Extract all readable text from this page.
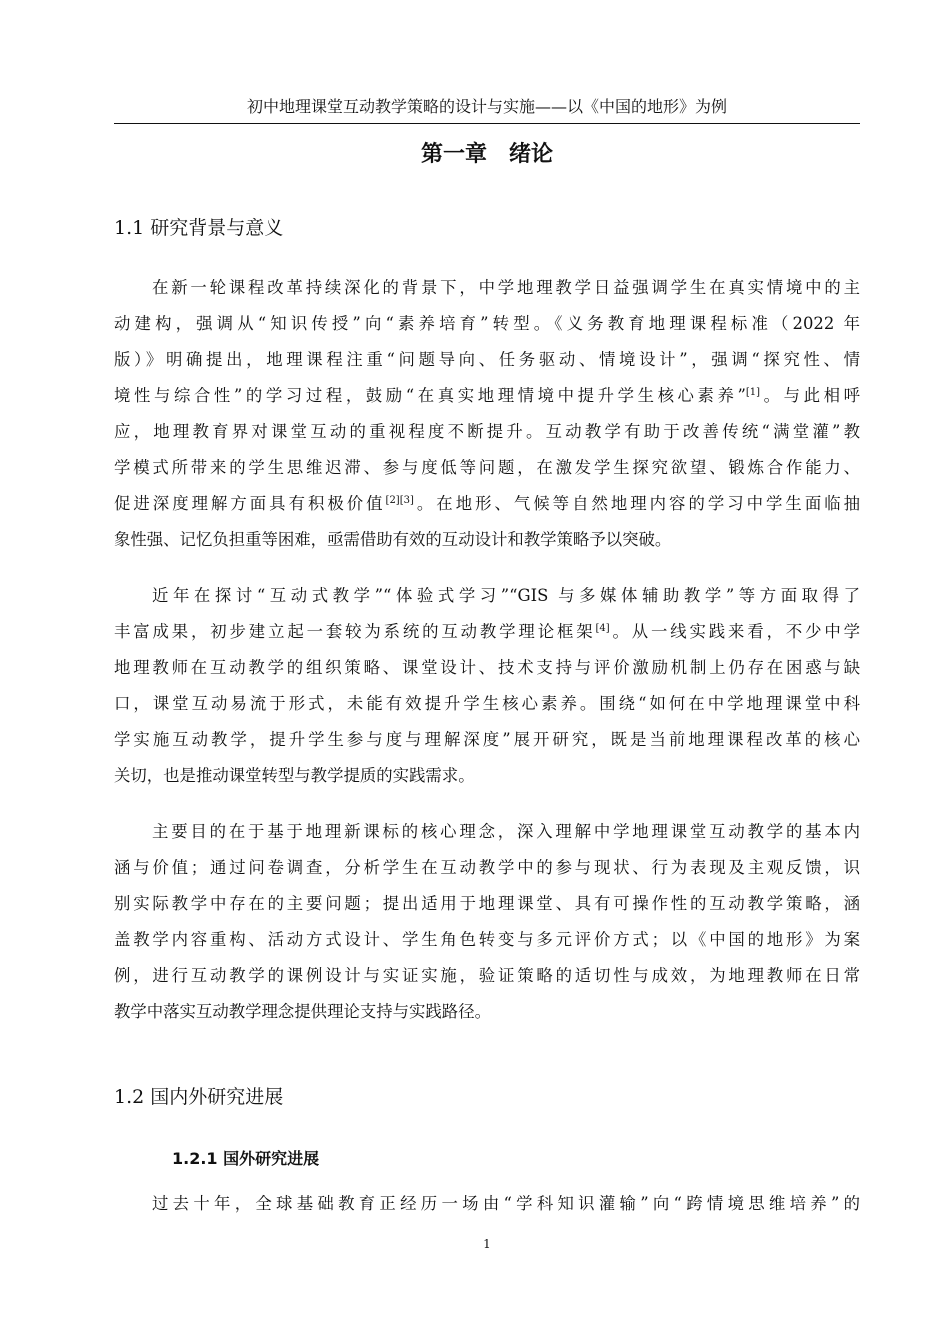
初中地理课堂互动教学策略的设计与实施——以《中国的地形》为例
第一章　绪论
1.1 研究背景与意义
在新一轮课程改革持续深化的背景下，中学地理教学日益强调学生在真实情境中的主
动建构，强调从“知识传授”向“素养培育”转型。《义务教育地理课程标准（2022 年
版）》明确提出，地理课程注重“问题导向、任务驱动、情境设计”，强调“探究性、情
境性与综合性”的学习过程，鼓励“在真实地理情境中提升学生核心素养”[1]。与此相呼
应，地理教育界对课堂互动的重视程度不断提升。互动教学有助于改善传统“满堂灌”教
学模式所带来的学生思维迟滞、参与度低等问题，在激发学生探究欲望、锻炼合作能力、
促进深度理解方面具有积极价值[2][3]。在地形、气候等自然地理内容的学习中学生面临抽
象性强、记忆负担重等困难，亟需借助有效的互动设计和教学策略予以突破。
近年在探讨“互动式教学”“体验式学习”“GIS 与多媒体辅助教学”等方面取得了
丰富成果，初步建立起一套较为系统的互动教学理论框架[4]。从一线实践来看，不少中学
地理教师在互动教学的组织策略、课堂设计、技术支持与评价激励机制上仍存在困惑与缺
口，课堂互动易流于形式，未能有效提升学生核心素养。围绕“如何在中学地理课堂中科
学实施互动教学，提升学生参与度与理解深度”展开研究，既是当前地理课程改革的核心
关切，也是推动课堂转型与教学提质的实践需求。
主要目的在于基于地理新课标的核心理念，深入理解中学地理课堂互动教学的基本内
涵与价值；通过问卷调查，分析学生在互动教学中的参与现状、行为表现及主观反馈，识
别实际教学中存在的主要问题；提出适用于地理课堂、具有可操作性的互动教学策略，涵
盖教学内容重构、活动方式设计、学生角色转变与多元评价方式；以《中国的地形》为案
例，进行互动教学的课例设计与实证实施，验证策略的适切性与成效，为地理教师在日常
教学中落实互动教学理念提供理论支持与实践路径。
1.2 国内外研究进展
1.2.1 国外研究进展
过去十年，全球基础教育正经历一场由“学科知识灌输”向“跨情境思维培养”的
1
